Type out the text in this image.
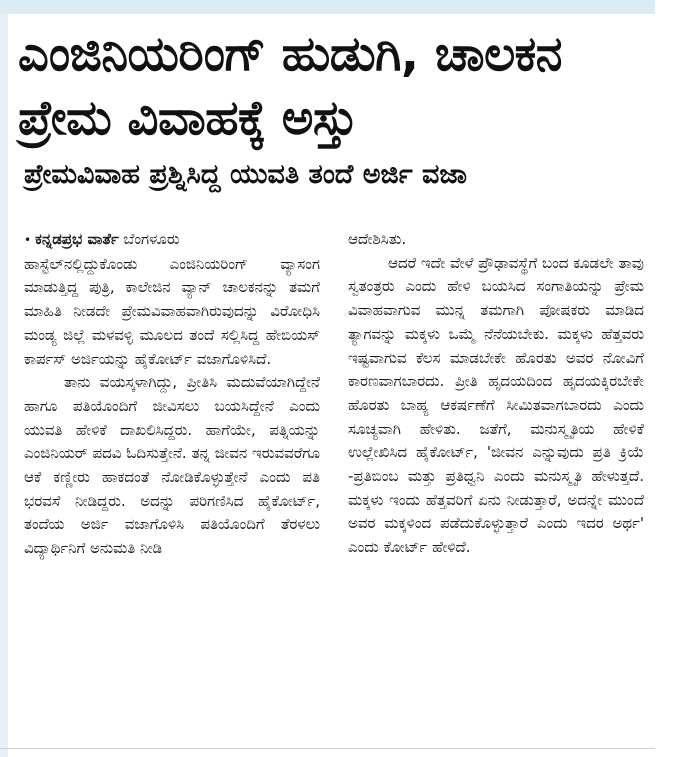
ಎಂಜಿನಿಯರಿಂಗ್ ಹುಡುಗಿ, ಚಾಲಕನ ಪ್ರೇಮ ವಿವಾಹಕ್ಕೆ ಅಸ್ತು
ಪ್ರೇಮವಿವಾಹ ಪ್ರಶ್ನಿಸಿದ್ದ ಯುವತಿ ತಂದೆ ಅರ್ಜಿ ವಜಾ

• ಕನ್ನಡಪ್ರಭ ವಾರ್ತೆ ಬೆಂಗಳೂರು

ಹಾಸ್ಟೆಲ್‌ನಲ್ಲಿದ್ದುಕೊಂಡು ಎಂಜಿನಿಯರಿಂಗ್ ವ್ಯಾಸಂಗ ಮಾಡುತ್ತಿದ್ದ ಪುತ್ರಿ, ಕಾಲೇಜಿನ ವ್ಯಾನ್ ಚಾಲಕನನ್ನು ತಮಗೆ ಮಾಹಿತಿ ನೀಡದೇ ಪ್ರೇಮವಿವಾಹವಾಗಿರುವುದನ್ನು ವಿರೋಧಿಸಿ ಮಂಡ್ಯ ಜಿಲ್ಲೆ ಮಳವಳ್ಳಿ ಮೂಲದ ತಂದೆ ಸಲ್ಲಿಸಿದ್ದ ಹೇಬಿಯಸ್ ಕಾರ್ಪಸ್ ಅರ್ಜಿಯನ್ನು ಹೈಕೋರ್ಟ್ ವಜಾಗೊಳಿಸಿದೆ.

ತಾನು ವಯಸ್ಕಳಾಗಿದ್ದು, ಪ್ರೀತಿಸಿ ಮದುವೆಯಾಗಿದ್ದೇನೆ ಹಾಗೂ ಪತಿಯೊಂದಿಗೆ ಜೀವಿಸಲು ಬಯಸಿದ್ದೇನೆ ಎಂದು ಯುವತಿ ಹೇಳಿಕೆ ದಾಖಲಿಸಿದ್ದರು. ಹಾಗೆಯೇ, ಪತ್ನಿಯನ್ನು ಎಂಜಿನಿಯರ್ ಪದವಿ ಓದಿಸುತ್ತೇನೆ. ತನ್ನ ಜೀವನ ಇರುವವರೆಗೂ ಆಕೆ ಕಣ್ಣೀರು ಹಾಕದಂತೆ ನೋಡಿಕೊಳ್ಳುತ್ತೇನೆ ಎಂದು ಪತಿ ಭರವಸೆ ನೀಡಿದ್ದರು. ಅದನ್ನು ಪರಿಗಣಿಸಿದ ಹೈಕೋರ್ಟ್, ತಂದೆಯ ಅರ್ಜಿ ವಜಾಗೊಳಿಸಿ ಪತಿಯೊಂದಿಗೆ ತೆರಳಲು ವಿದ್ಯಾರ್ಥಿನಿಗೆ ಅನುಮತಿ ನೀಡಿ

ಆದೇಶಿಸಿತು.

ಆದರೆ ಇದೇ ವೇಳೆ ಪ್ರೌಢಾವಸ್ಥೆಗೆ ಬಂದ ಕೂಡಲೇ ತಾವು ಸ್ವತಂತ್ರರು ಎಂದು ಹೇಳಿ ಬಯಸಿದ ಸಂಗಾತಿಯನ್ನು ಪ್ರೇಮ ವಿವಾಹವಾಗುವ ಮುನ್ನ ತಮಗಾಗಿ ಪೋಷಕರು ಮಾಡಿದ ತ್ಯಾಗವನ್ನು ಮಕ್ಕಳು ಒಮ್ಮೆ ನೆನೆಯಬೇಕು. ಮಕ್ಕಳು ಹೆತ್ತವರು ಇಷ್ಟವಾಗುವ ಕೆಲಸ ಮಾಡಬೇಕೇ ಹೊರತು ಅವರ ನೋವಿಗೆ ಕಾರಣವಾಗಬಾರದು. ಪ್ರೀತಿ ಹೃದಯದಿಂದ ಹೃದಯಕ್ಕಿರಬೇಕೇ ಹೊರತು ಬಾಹ್ಯ ಆಕರ್ಷಣೆಗೆ ಸೀಮಿತವಾಗಬಾರದು ಎಂದು ಸೂಚ್ಯವಾಗಿ ಹೇಳಿತು. ಜತೆಗೆ, ಮನುಸ್ಮೃತಿಯ ಹೇಳಿಕೆ ಉಲ್ಲೇಖಿಸಿದ ಹೈಕೋರ್ಟ್, 'ಜೀವನ ಎನ್ನುವುದು ಪ್ರತಿ ಕ್ರಿಯೆ -ಪ್ರತಿಬಿಂಬ ಮತ್ತು ಪ್ರತಿಧ್ವನಿ ಎಂದು ಮನುಸ್ಮೃತಿ ಹೇಳುತ್ತದೆ. ಮಕ್ಕಳು ಇಂದು ಹೆತ್ತವರಿಗೆ ಏನು ನೀಡುತ್ತಾರೆ, ಅದನ್ನೇ ಮುಂದೆ ಅವರ ಮಕ್ಕಳಿಂದ ಪಡೆದುಕೊಳ್ಳುತ್ತಾರೆ ಎಂದು ಇದರ ಅರ್ಥ' ಎಂದು ಕೋರ್ಟ್ ಹೇಳಿದೆ.
